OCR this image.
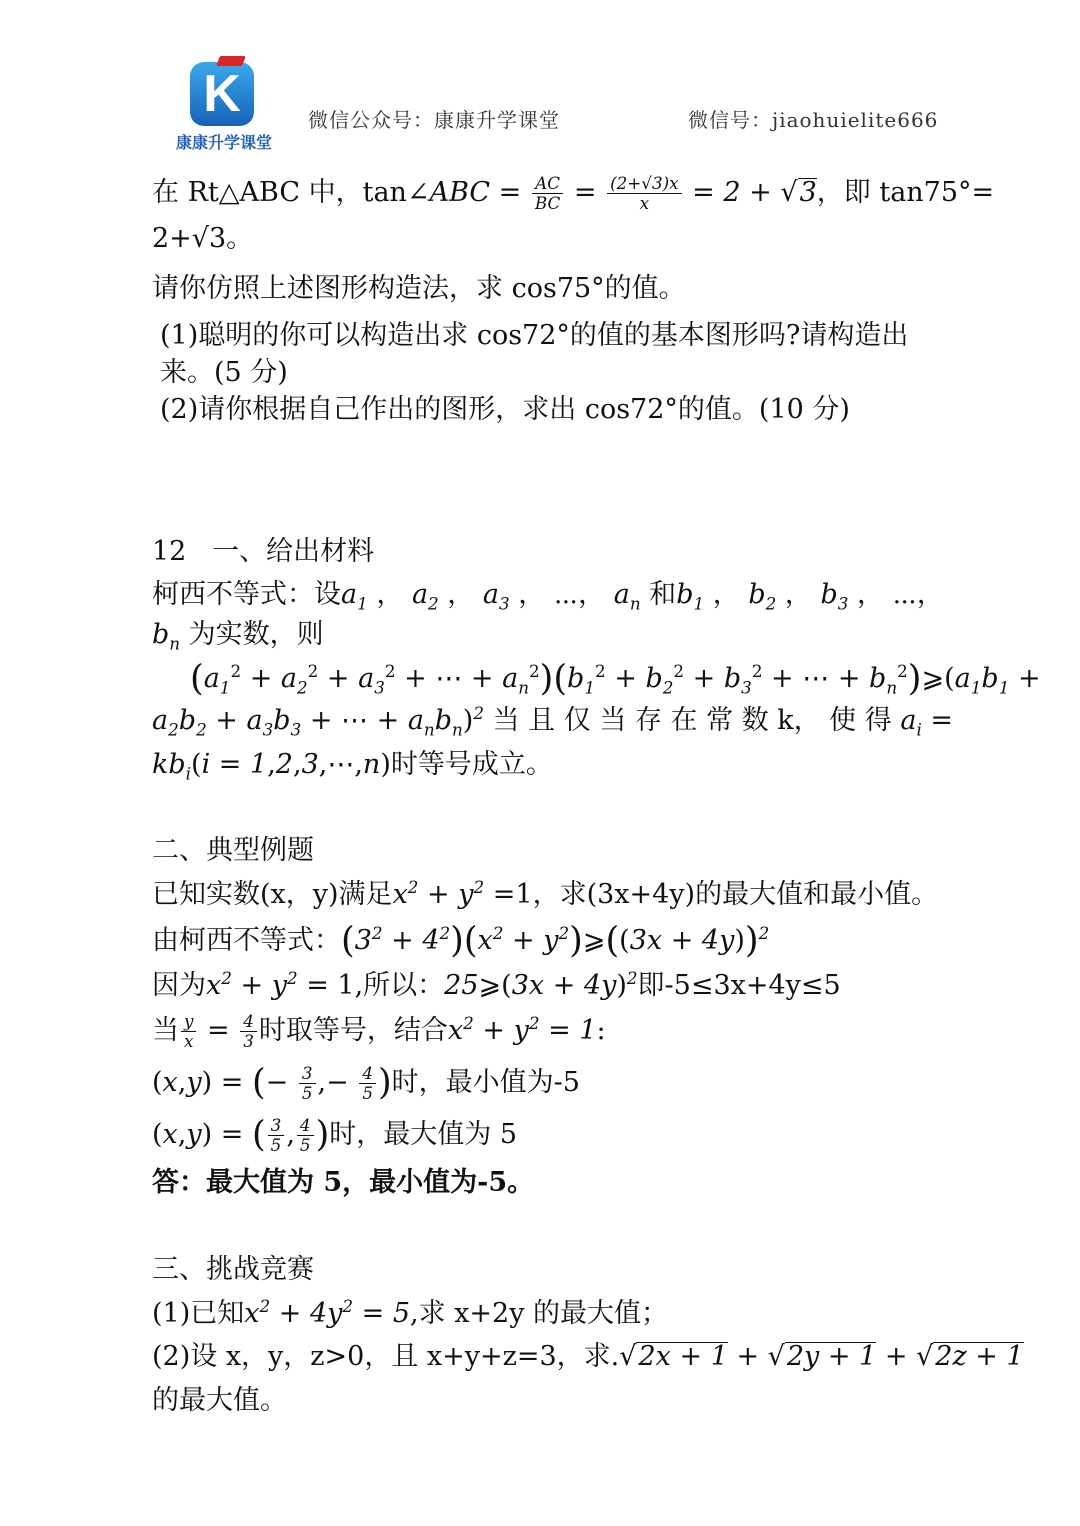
K
康康升学课堂
微信公众号：康康升学课堂	微信号：jiaohuielite666
在 Rt△ABC 中，tan∠ABC = $\frac{AC}{BC} = \frac{(2+√3)x}{x} = 2 + √3$，即 tan75°=
2+√3。
请你仿照上述图形构造法，求 cos75°的值。
(1)聪明的你可以构造出求 cos72°的值的基本图形吗?请构造出
来。(5 分)
(2)请你根据自己作出的图形，求出 cos72°的值。(10 分)
12 一、给出材料
柯西不等式：设$a_1$ ， $a_2$ ， $a_3$ ， ⋯， $a_n$ 和$b_1$ ， $b_2$ ， $b_3$ ， ⋯，
$b_n$ 为实数，则
($a_1^2 + a_2^2 + a_3^2$ + ⋯ + $a_n^2)(b_1^2 + b_2^2 + b_3^2$ + ⋯ + $b_n^2)⩾(a_1b_1$ +
$a_2b_2 + a_3b_3$ + ⋯ + $a_nb_n)^2$ 当 且 仅 当 存 在 常 数 k， 使 得 $a_i$ =
$kb_i(i$ = 1,2,3,⋯,n)时等号成立。
二、典型例题
已知实数(x，y)满足$x^2 + y^2 =1$，求(3x+4y)的最大值和最小值。
由柯西不等式：$(3^2 + 4^2)(x^2$ + $y^2)⩾((3x + 4y))^2$
因为$x^2 + y^2 = 1$,所以：25⩾(3x + 4y)$^2$即-5≤3x+4y≤5
当 $\frac{y}{x} = \frac{4}{3}$ 时取等号，结合$x^2 + y^2 = 1$:
(x,y) = (− $\frac{3}{5}$ ,− $\frac{4}{5}$ )时，最小值为-5
(x,y) = ( $\frac{3}{5}$ , $\frac{4}{5}$ )时，最大值为 5
答：最大值为 5，最小值为-5。
三、挑战竞赛
(1)已知$x^2 + 4y^2 = 5$,求 x+2y 的最大值；
(2)设 x，y，z>0，且 x+y+z=3，求.√2x + 1 + √2y + 1 + √2z + 1
的最大值。
